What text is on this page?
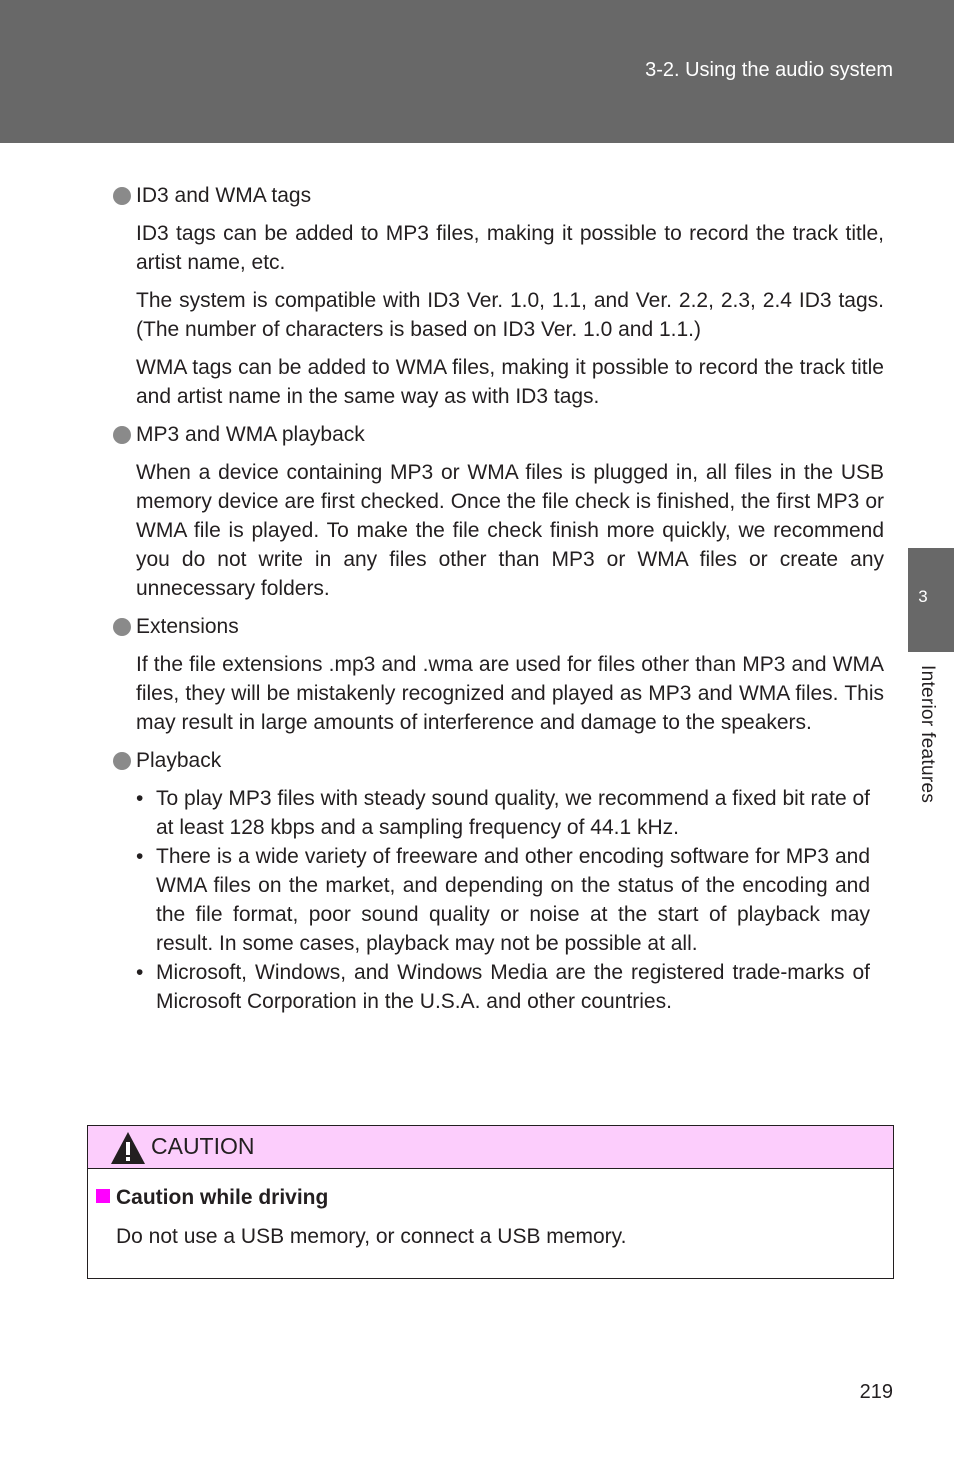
3-2. Using the audio system
3
Interior features
ID3 and WMA tags

ID3 tags can be added to MP3 files, making it possible to record the track title, artist name, etc.

The system is compatible with ID3 Ver. 1.0, 1.1, and Ver. 2.2, 2.3, 2.4 ID3 tags. (The number of characters is based on ID3 Ver. 1.0 and 1.1.)

WMA tags can be added to WMA files, making it possible to record the track title and artist name in the same way as with ID3 tags.

MP3 and WMA playback

When a device containing MP3 or WMA files is plugged in, all files in the USB memory device are first checked. Once the file check is finished, the first MP3 or WMA file is played. To make the file check finish more quickly, we recommend you do not write in any files other than MP3 or WMA files or create any unnecessary folders.

Extensions

If the file extensions .mp3 and .wma are used for files other than MP3 and WMA files, they will be mistakenly recognized and played as MP3 and WMA files. This may result in large amounts of interference and damage to the speakers.

Playback
• To play MP3 files with steady sound quality, we recommend a fixed bit rate of at least 128 kbps and a sampling frequency of 44.1 kHz.
• There is a wide variety of freeware and other encoding software for MP3 and WMA files on the market, and depending on the status of the encoding and the file format, poor sound quality or noise at the start of playback may result. In some cases, playback may not be possible at all.
• Microsoft, Windows, and Windows Media are the registered trade-marks of Microsoft Corporation in the U.S.A. and other countries.
CAUTION
Caution while driving
Do not use a USB memory, or connect a USB memory.
219
